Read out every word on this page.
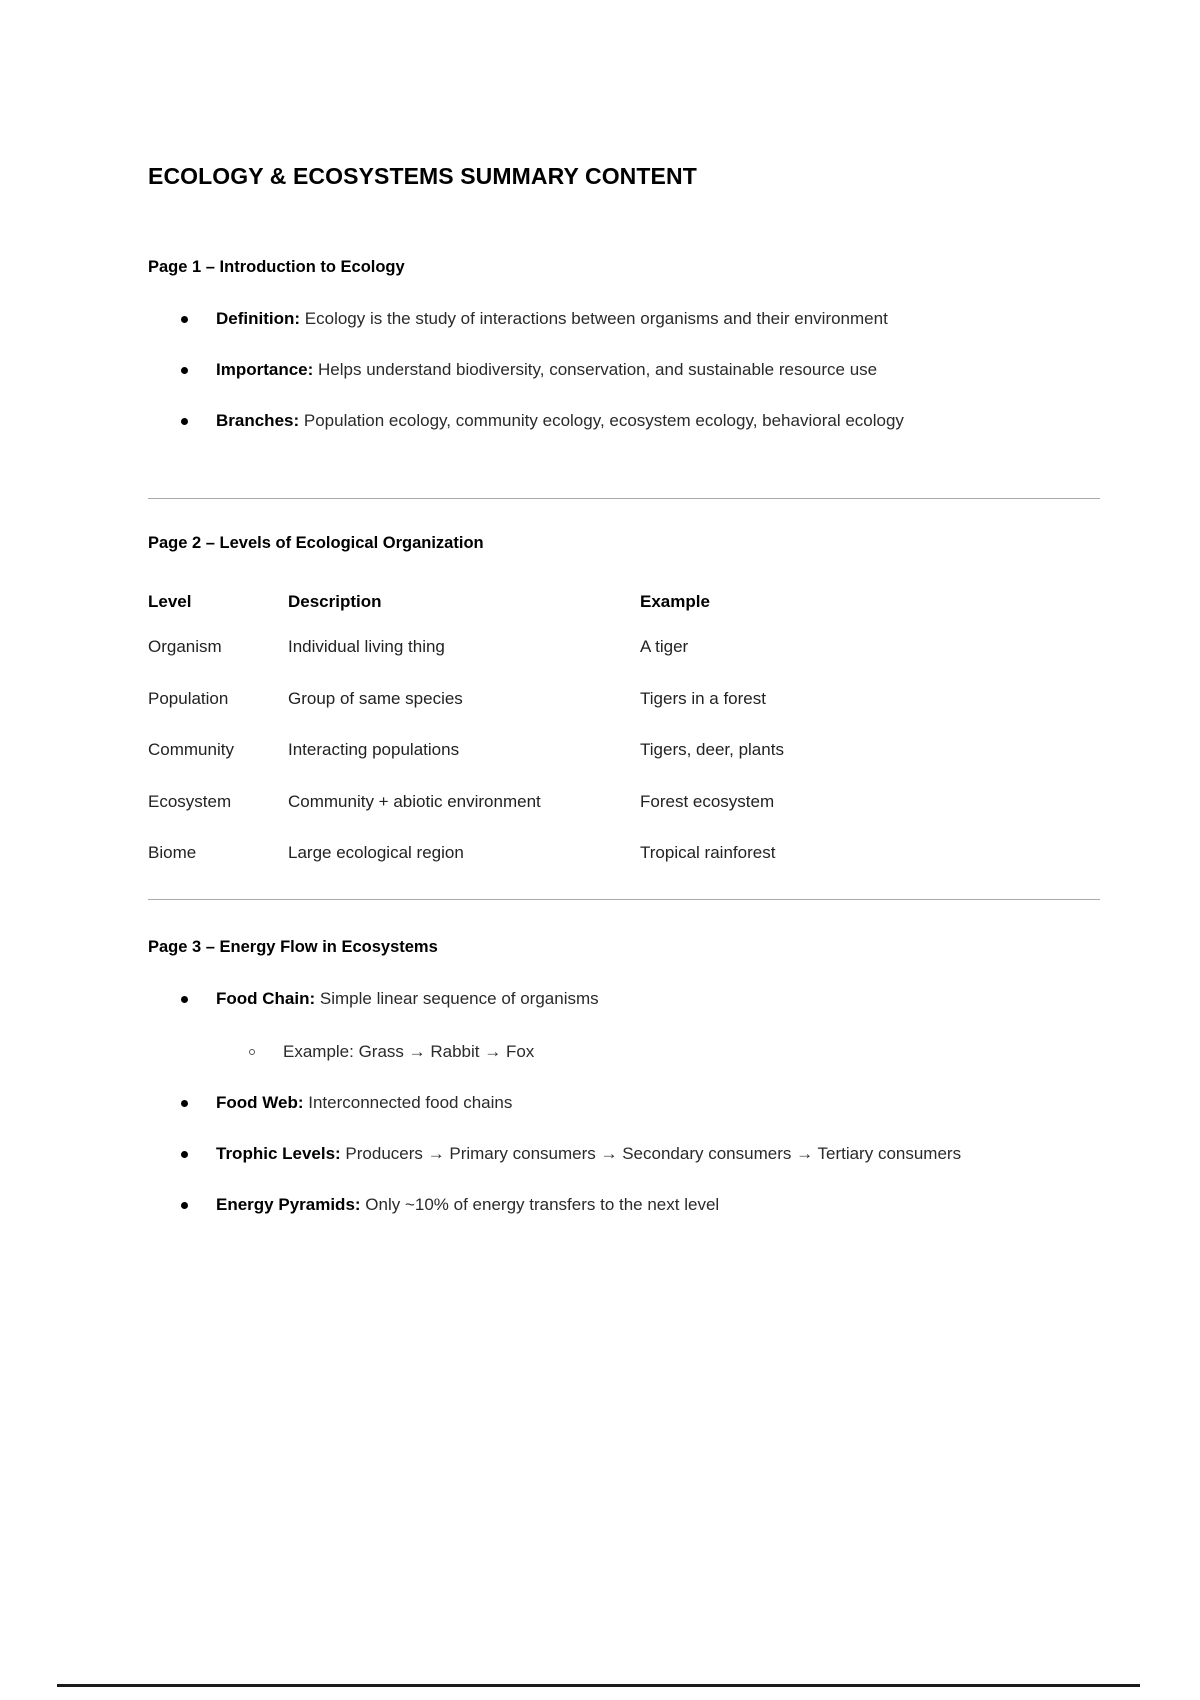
ECOLOGY & ECOSYSTEMS SUMMARY CONTENT
Page 1 – Introduction to Ecology
Definition: Ecology is the study of interactions between organisms and their environment
Importance: Helps understand biodiversity, conservation, and sustainable resource use
Branches: Population ecology, community ecology, ecosystem ecology, behavioral ecology
Page 2 – Levels of Ecological Organization
Level	Description	Example
Organism	Individual living thing	A tiger
Population	Group of same species	Tigers in a forest
Community	Interacting populations	Tigers, deer, plants
Ecosystem	Community + abiotic environment	Forest ecosystem
Biome	Large ecological region	Tropical rainforest
Page 3 – Energy Flow in Ecosystems
Food Chain: Simple linear sequence of organisms
Example: Grass → Rabbit → Fox
Food Web: Interconnected food chains
Trophic Levels: Producers → Primary consumers → Secondary consumers → Tertiary consumers
Energy Pyramids: Only ~10% of energy transfers to the next level
